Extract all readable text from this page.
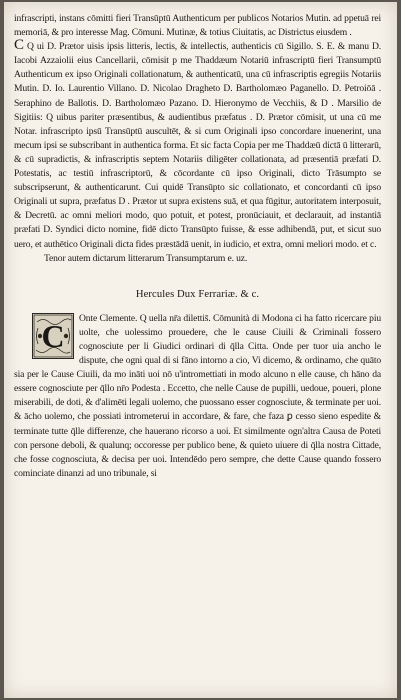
infrascripti, instans cōmitti fieri Transūptū Authenticum per publicos Notarios Mutin. ad ppetuā rei memoriā, & pro interesse Mag. Cōmuni. Mutinæ, & totius Ciuitatis, ac Districtus eiusdem .

C Q ui D. Prætor uisis ipsis litteris, lectis, & intellectis, authenticis cū Sigillo. S. E. & manu D. Iacobi Azzaiolii eius Cancellarii, cōmisit p me Thaddæum Notariū infrascriptū fieri Transumptū Authenticum ex ipso Originali collationatum, & authenticatū, una cū infrascriptis egregiis Notariis Mutin. D. Io. Laurentio Villano. D. Nicolao Dragheto D. Bartholomæo Paganello. D. Petroiōā . Seraphino de Ballotis. D. Bartholomæo Pazano. D. Hieronymo de Vecchiis, & D . Marsilio de Sigitiis: Q uibus pariter præsentibus, & audientibus præfatus . D. Prætor cōmisit, ut una cū me Notar. infrascripto ipsū Transūptū auscultēt, & si cum Originali ipso concordare inuenerint, una mecum ipsi se subscribant in authentica forma. Et sic facta Copia per me Thaddæū dictā ū litterarū, & cū supradictis, & infrascriptis septem Notariis diligēter collationata, ad præsentiā præfati D. Potestatis, ac testiū infrascriptorū, & cōcordante cū ipso Originali, dicto Trāsumpto se subscripserunt, & authenticarunt. Cui quidē Transūpto sic collationato, et concordanti cū ipso Originali ut supra, præfatus D . Prætor ut supra existens suā, et qua fūgitur, autoritatem interposuit, & Decretū. ac omni meliori modo, quo potuit, et potest, pronūciauit, et declarauit, ad instantiā præfati D. Syndici dicto nomine, fidē dicto Transūpto fuisse, & esse adhibendā, put, et sicut suo uero, et authētico Originali dicta fides præstādā uenit, in iudicio, et extra, omni meliori modo. et c.

Tenor autem dictarum litterarum Transumptarum e. uz.

Hercules Dux Ferrariæ. & c.
C	Onte Clemente. Q uella nr̄a dilettis̄. Cōmunità di Modona ci ha fatto ricercare piu uolte, che uolessimo prouedere, che le cause Ciuili & Criminali fossero cognosciute per li Giudici ordinari di q̄lla Citta. Onde per tuor uia ancho le dispute, che ogni qual di si fāno intorno a cio, Vi dicemo, & ordinamo, che quāto sia per le Cause Ciuili, da mo ināti uoi nō u'intromettiati in modo alcuno n elle cause, ch hāno da essere cognosciute per q̄llo nr̄o Podesta . Eccetto, che nelle Cause de pupilli, uedoue, poueri, plone miserabili, de doti, & d'alimēti legali uolemo, che puossano esser cognosciute, & terminate per uoi. & ācho uolemo, che possiati intrometerui in accordare, & fare, che faza ꝑ cesso sieno espedite & terminate tutte q̄lle differenze, che hauerano ricorso a uoi. Et similmente ogn'altra Causa de Poteti con persone deboli, & qualunq; occoresse per publico bene, & quieto uiuere di q̄lla nostra Cittade, che fosse cognosciuta, & decisa per uoi. Intendēdo pero sempre, che dette Cause quando fossero cominciate dinanzi ad uno tribunale, si
